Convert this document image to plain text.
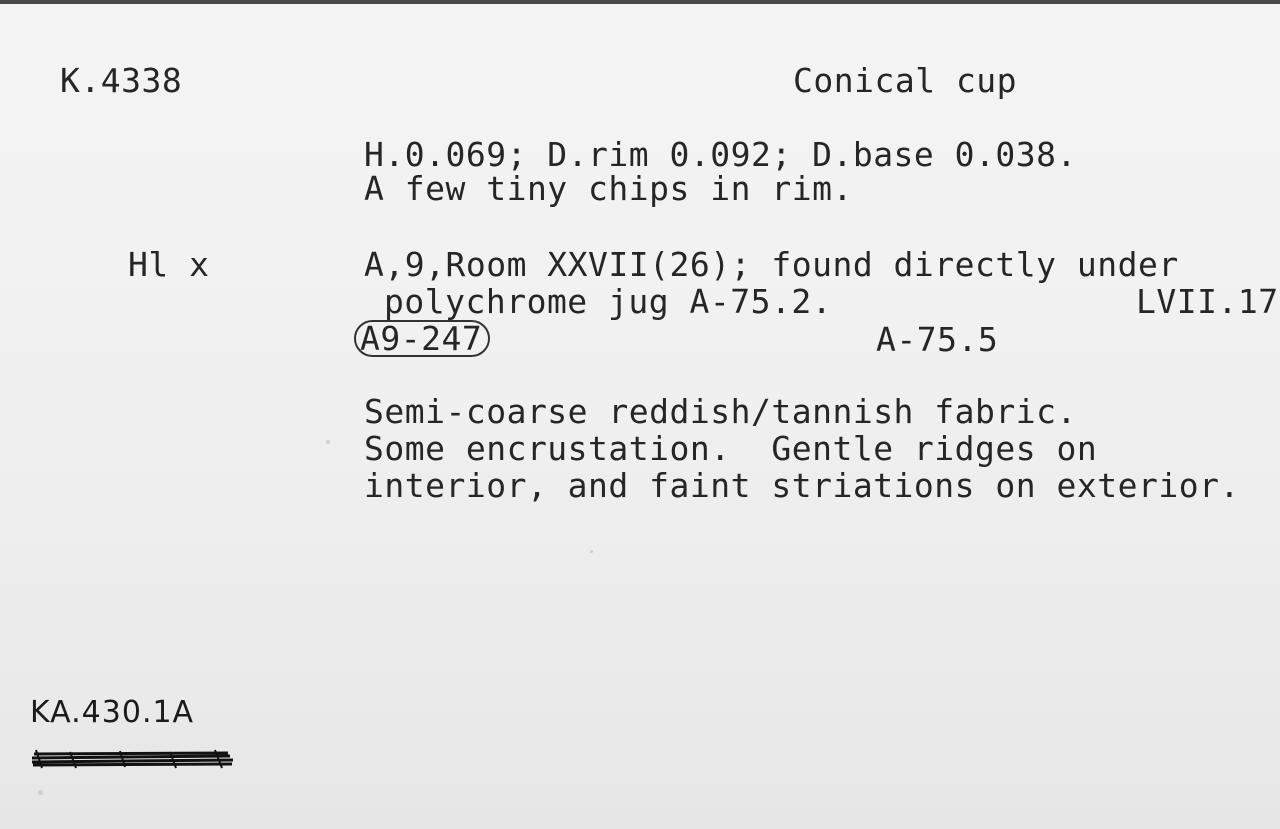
K.4338	Conical cup
H.0.069; D.rim 0.092; D.base 0.038.
A few tiny chips in rim.
Hl x	A,9,Room XXVII(26); found directly under
polychrome jug A-75.2.	LVII.17
A9-247	A-75.5
Semi-coarse reddish/tannish fabric.
Some encrustation.  Gentle ridges on
interior, and faint striations on exterior.
KA.430.1A
